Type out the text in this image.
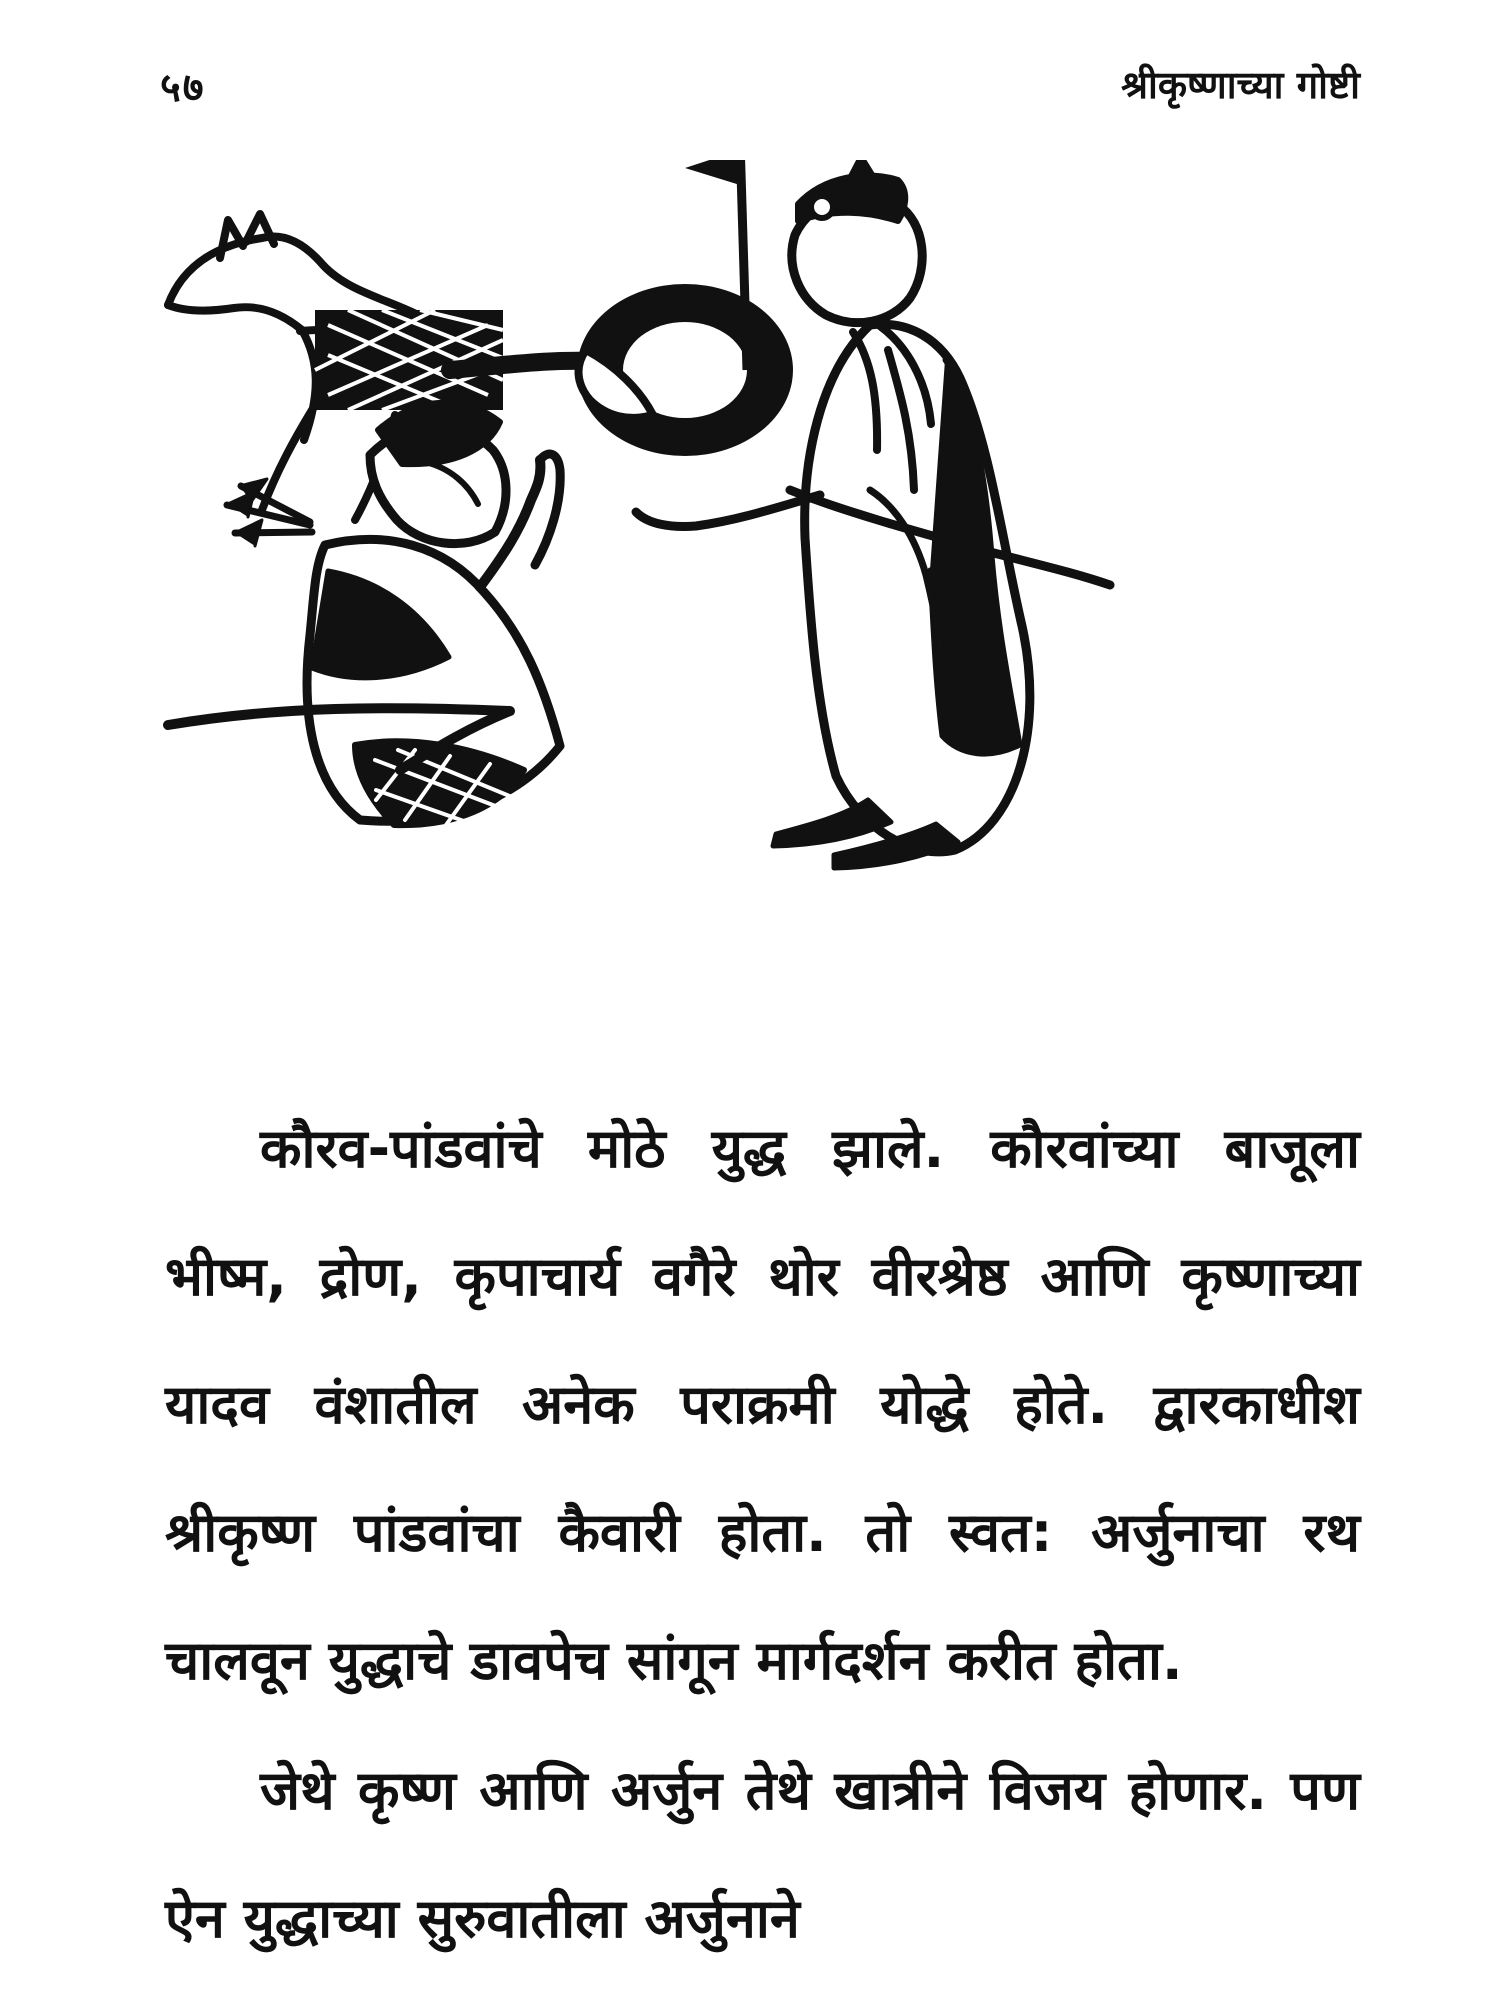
५७	श्रीकृष्णाच्या गोष्टी

कौरव-पांडवांचे मोठे युद्ध झाले. कौरवांच्या बाजूला भीष्म, द्रोण, कृपाचार्य वगैरे थोर वीरश्रेष्ठ आणि कृष्णाच्या यादव वंशातील अनेक पराक्रमी योद्धे होते. द्वारकाधीश श्रीकृष्ण पांडवांचा कैवारी होता. तो स्वत: अर्जुनाचा रथ चालवून युद्धाचे डावपेच सांगून मार्गदर्शन करीत होता.

जेथे कृष्ण आणि अर्जुन तेथे खात्रीने विजय होणार. पण ऐन युद्धाच्या सुरुवातीला अर्जुनाने
